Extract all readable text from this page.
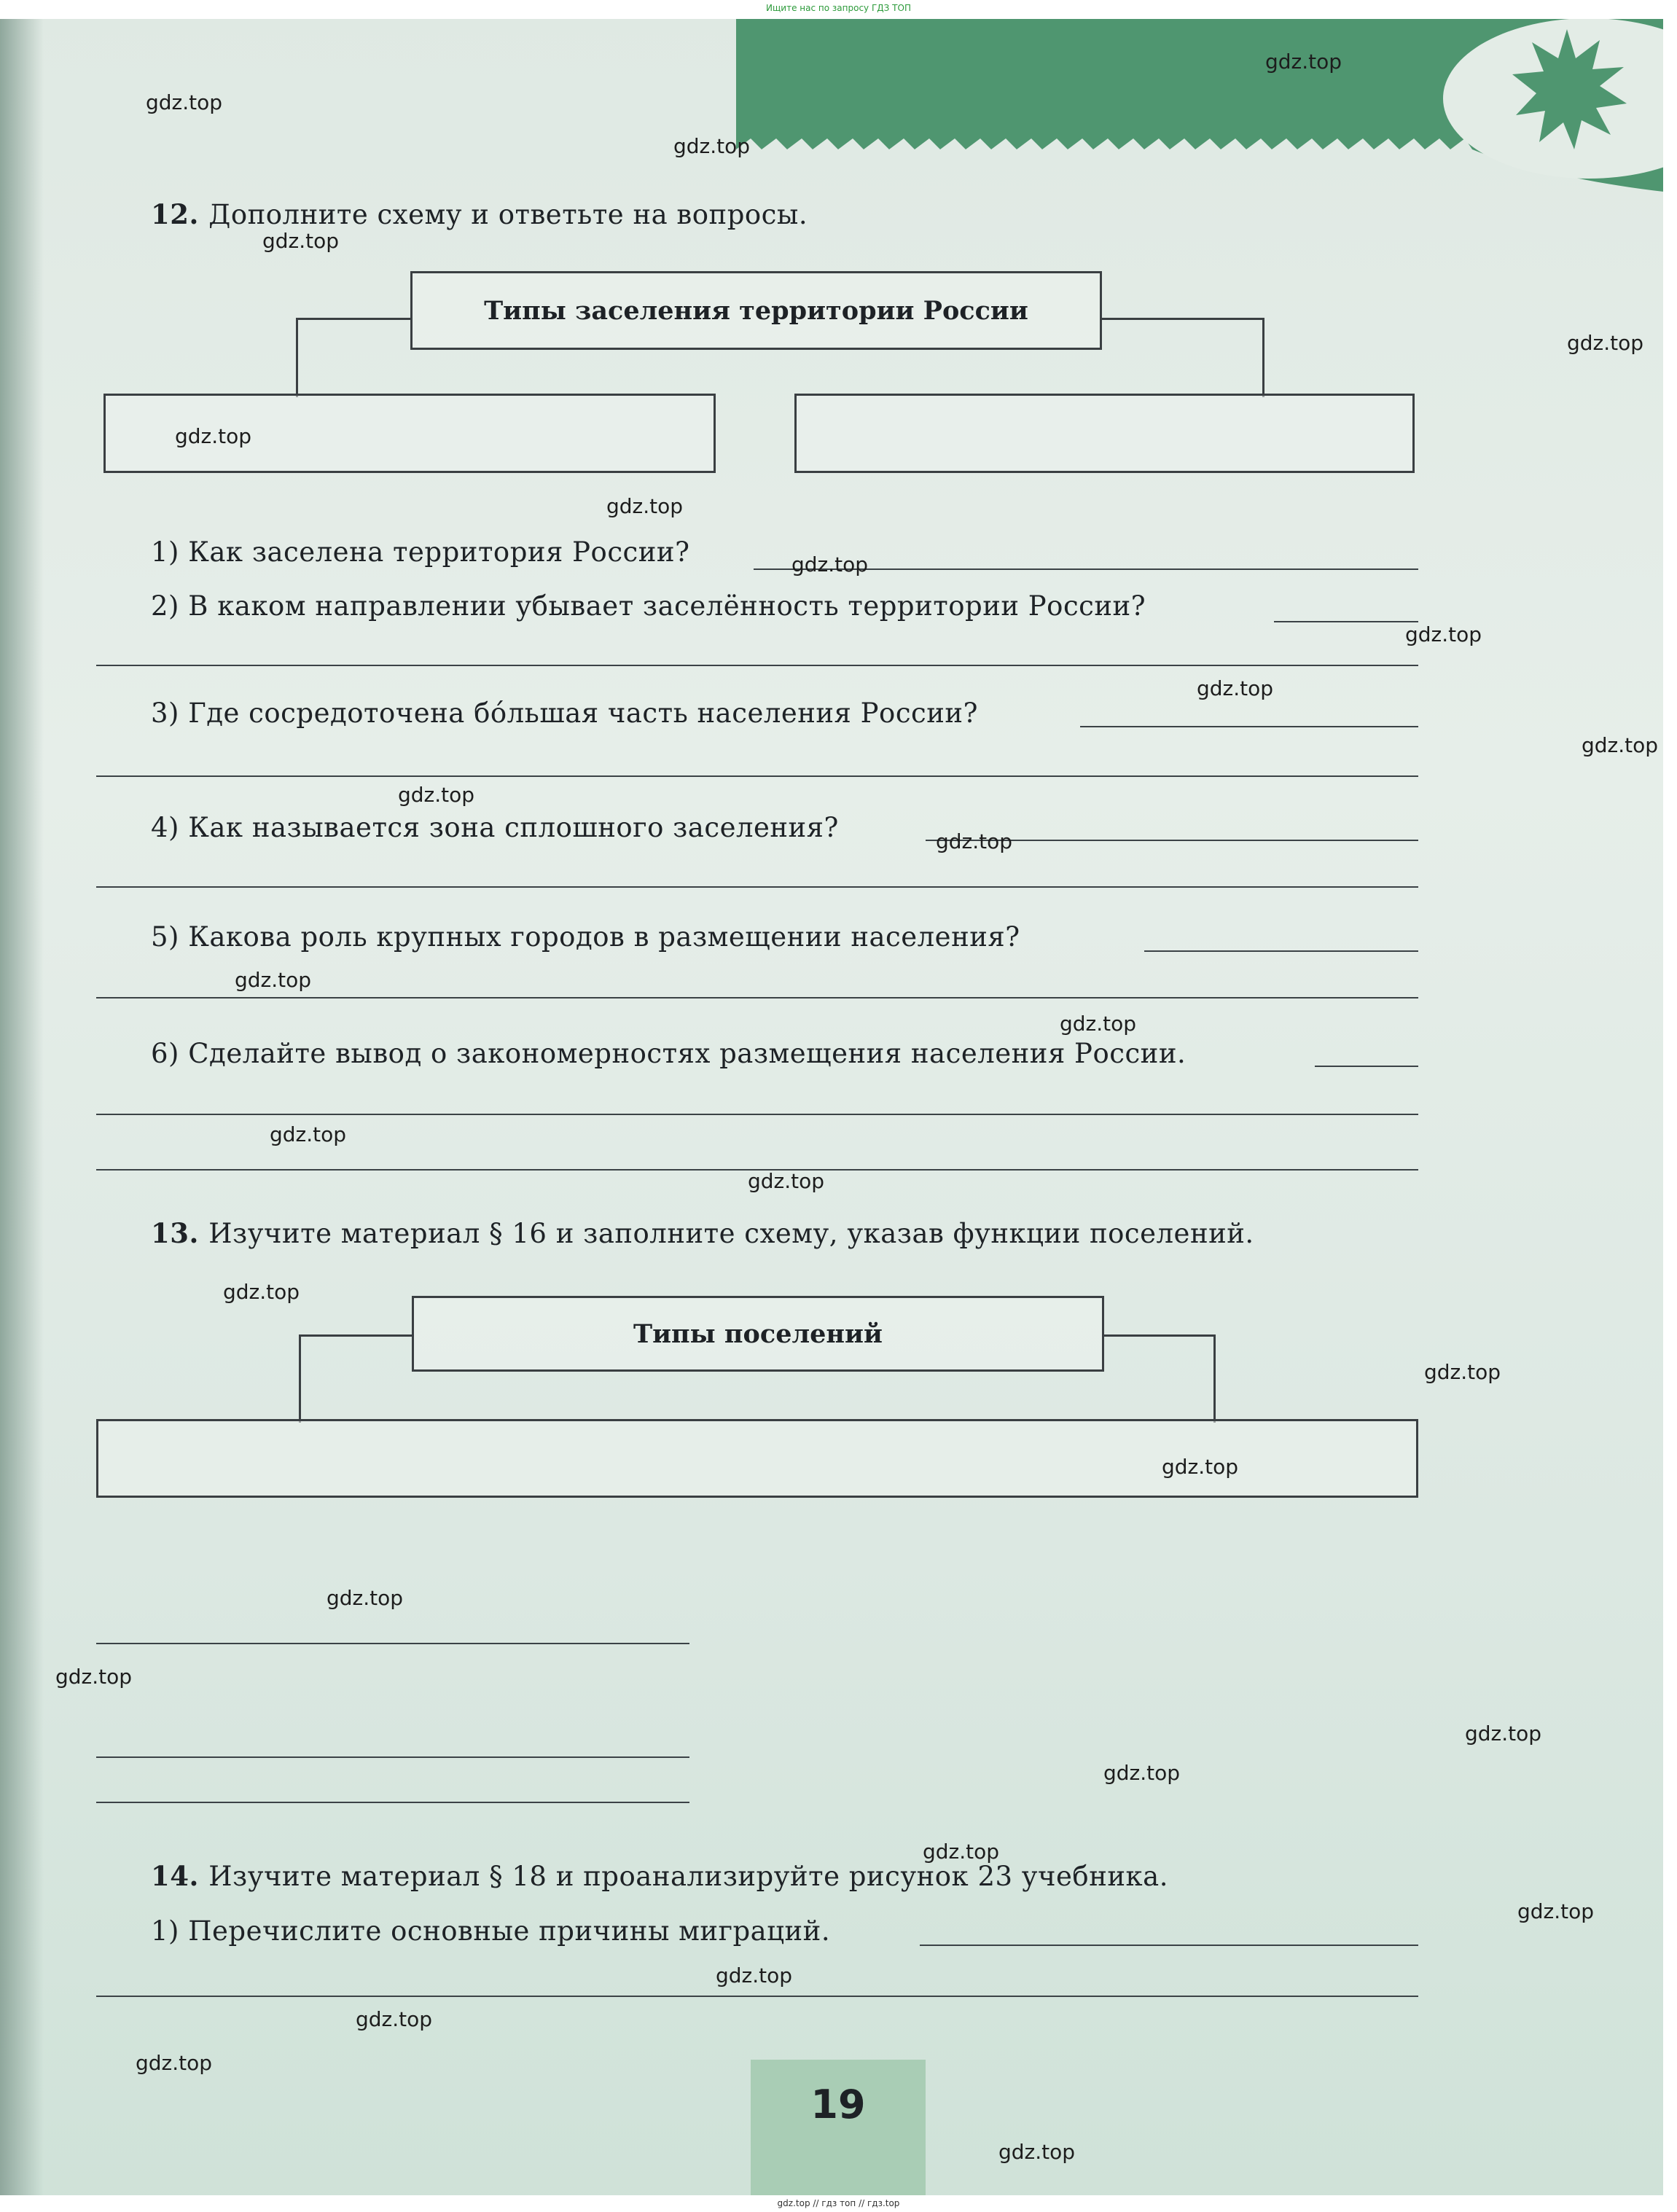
Ищите нас по запросу ГДЗ ТОП
12. Дополните схему и ответьте на вопросы.
Типы заселения территории России
1) Как заселена территория России?
2) В каком направлении убывает заселённость территории России?
3) Где сосредоточена бо́льшая часть населения России?
4) Как называется зона сплошного заселения?
5) Какова роль крупных городов в размещении населения?
6) Сделайте вывод о закономерностях размещения населения России.
13. Изучите материал § 16 и заполните схему, указав функции поселений.
Типы поселений
14. Изучите материал § 18 и проанализируйте рисунок 23 учебника.
1) Перечислите основные причины миграций.
19
gdz.top
gdz.top
gdz.top
gdz.top
gdz.top
gdz.top
gdz.top
gdz.top
gdz.top
gdz.top
gdz.top
gdz.top
gdz.top
gdz.top
gdz.top
gdz.top
gdz.top
gdz.top
gdz.top
gdz.top
gdz.top
gdz.top
gdz.top
gdz.top
gdz.top
gdz.top
gdz.top
gdz.top
gdz.top
gdz.top
gdz.top // гдз топ // гдз.top
